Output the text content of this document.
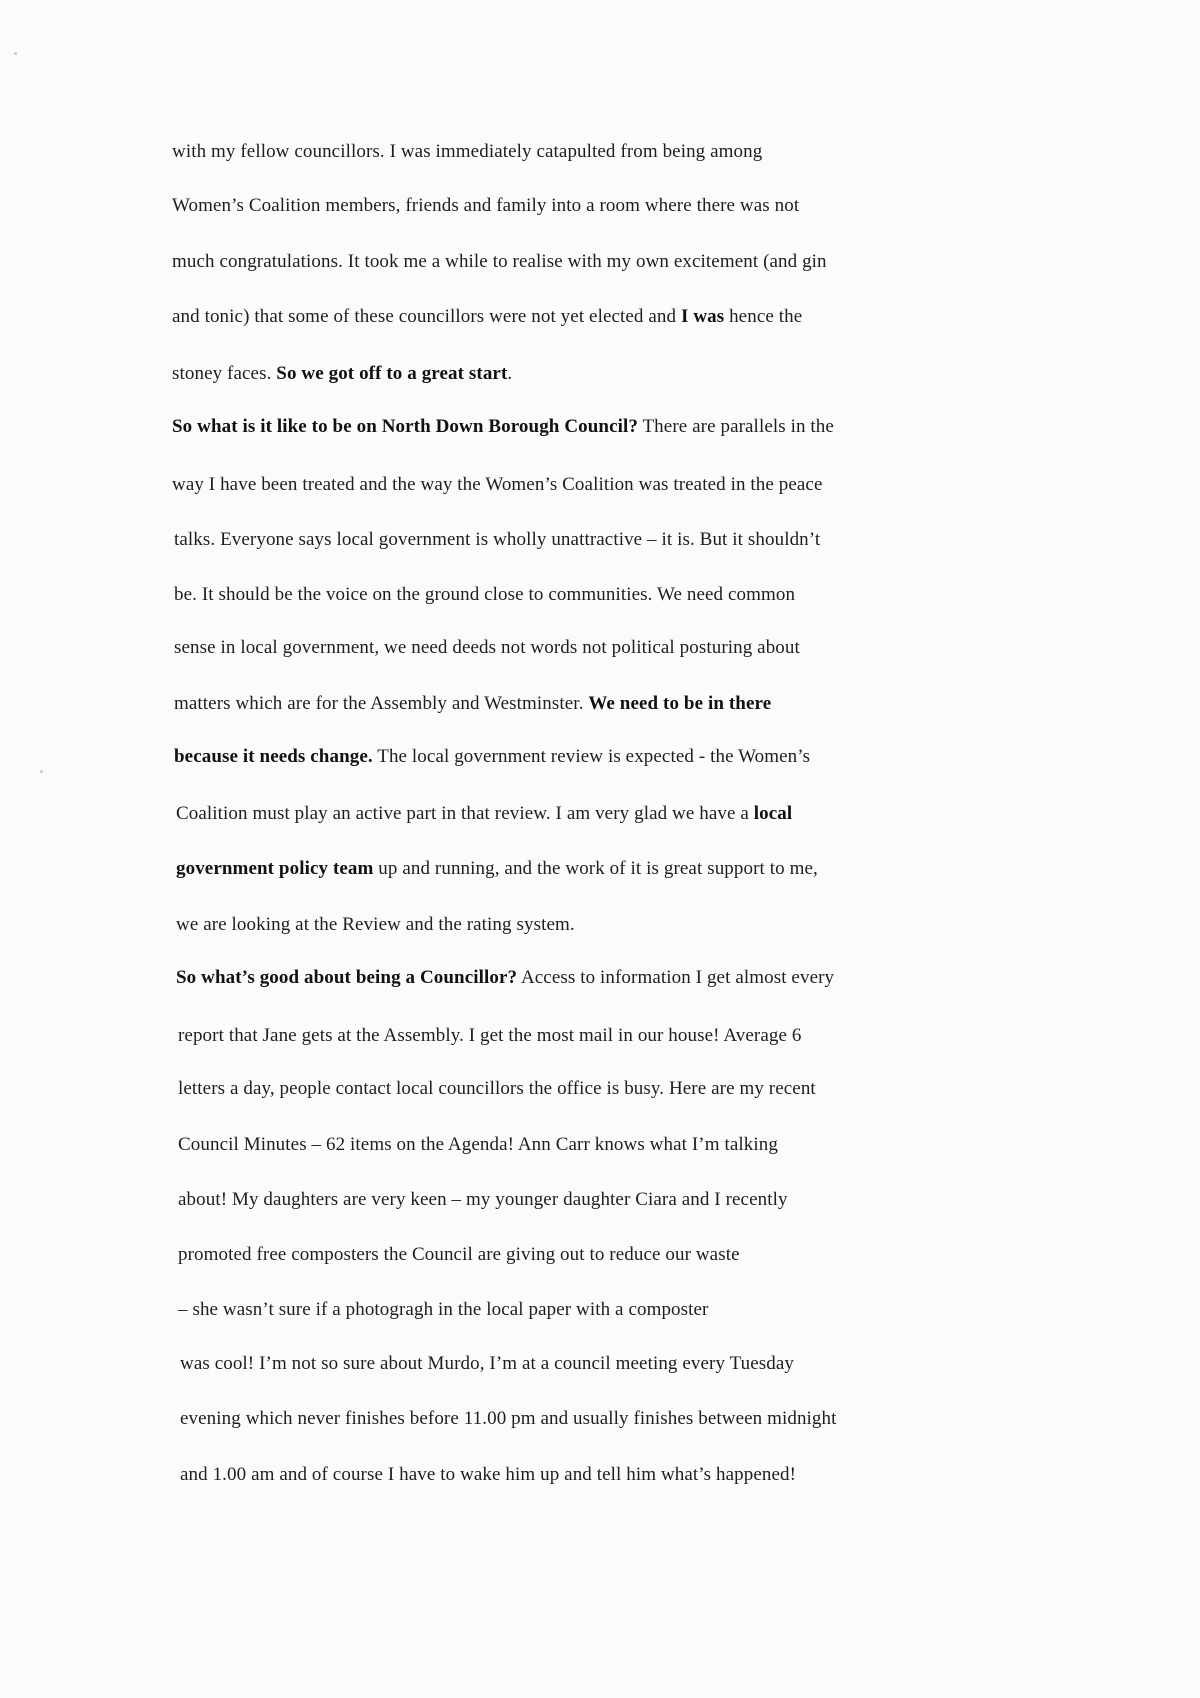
with my fellow councillors. I was immediately catapulted from being among
Women’s Coalition members, friends and family into a room where there was not
much congratulations. It took me a while to realise with my own excitement (and gin
and tonic) that some of these councillors were not yet elected and I was hence the
stoney faces. So we got off to a great start.
So what is it like to be on North Down Borough Council? There are parallels in the
way I have been treated and the way the Women’s Coalition was treated in the peace
talks. Everyone says local government is wholly unattractive – it is. But it shouldn’t
be. It should be the voice on the ground close to communities. We need common
sense in local government, we need deeds not words not political posturing about
matters which are for the Assembly and Westminster. We need to be in there
because it needs change. The local government review is expected - the Women’s
Coalition must play an active part in that review. I am very glad we have a local
government policy team up and running, and the work of it is great support to me,
we are looking at the Review and the rating system.
So what’s good about being a Councillor? Access to information I get almost every
report that Jane gets at the Assembly. I get the most mail in our house! Average 6
letters a day, people contact local councillors the office is busy. Here are my recent
Council Minutes – 62 items on the Agenda! Ann Carr knows what I’m talking
about! My daughters are very keen – my younger daughter Ciara and I recently
promoted free composters the Council are giving out to reduce our waste
– she wasn’t sure if a photogragh in the local paper with a composter
was cool! I’m not so sure about Murdo, I’m at a council meeting every Tuesday
evening which never finishes before 11.00 pm and usually finishes between midnight
and 1.00 am and of course I have to wake him up and tell him what’s happened!
